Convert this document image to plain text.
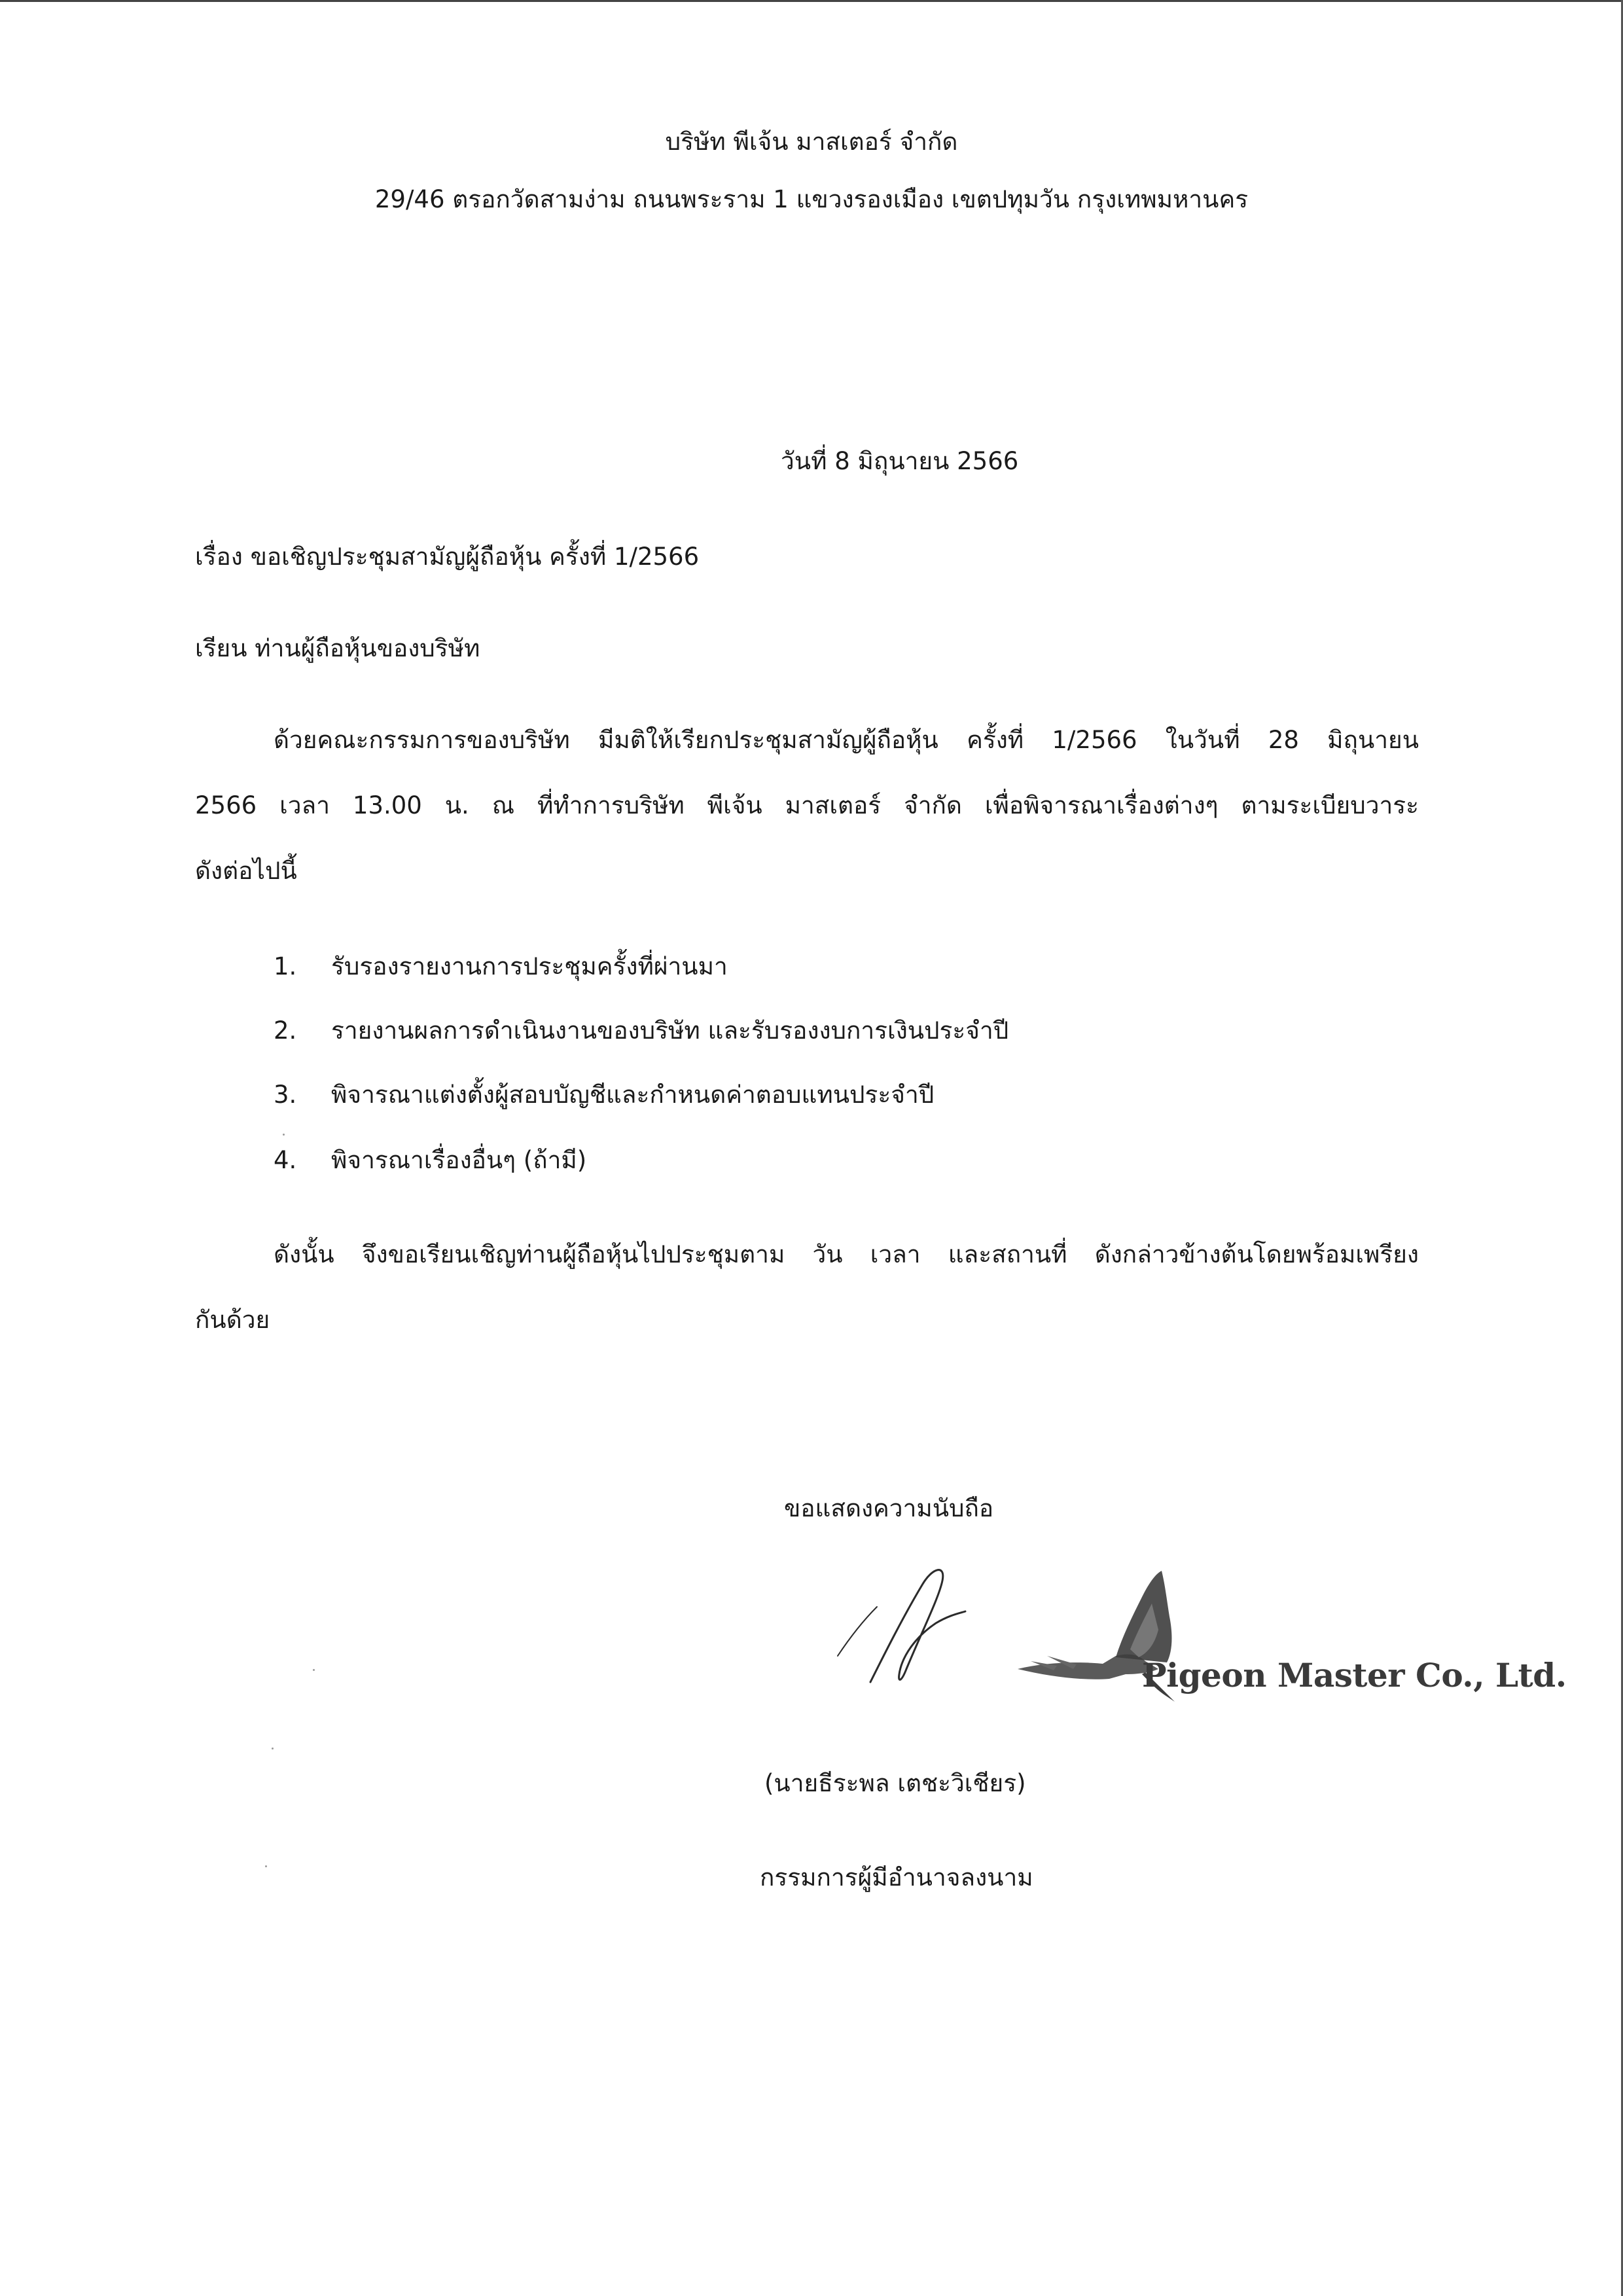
บริษัท พีเจ้น มาสเตอร์ จำกัด
29/46 ตรอกวัดสามง่าม ถนนพระราม 1 แขวงรองเมือง เขตปทุมวัน กรุงเทพมหานคร
วันที่ 8 มิถุนายน 2566
เรื่อง ขอเชิญประชุมสามัญผู้ถือหุ้น ครั้งที่ 1/2566
เรียน ท่านผู้ถือหุ้นของบริษัท
ด้วยคณะกรรมการของบริษัท มีมติให้เรียกประชุมสามัญผู้ถือหุ้น ครั้งที่ 1/2566 ในวันที่ 28 มิถุนายน
2566 เวลา 13.00 น. ณ ที่ทำการบริษัท พีเจ้น มาสเตอร์ จำกัด เพื่อพิจารณาเรื่องต่างๆ ตามระเบียบวาระ
ดังต่อไปนี้
1. รับรองรายงานการประชุมครั้งที่ผ่านมา
2. รายงานผลการดำเนินงานของบริษัท และรับรองงบการเงินประจำปี
3. พิจารณาแต่งตั้งผู้สอบบัญชีและกำหนดค่าตอบแทนประจำปี
4. พิจารณาเรื่องอื่นๆ (ถ้ามี)
ดังนั้น จึงขอเรียนเชิญท่านผู้ถือหุ้นไปประชุมตาม วัน เวลา และสถานที่ ดังกล่าวข้างต้นโดยพร้อมเพรียง
กันด้วย
ขอแสดงความนับถือ
Pigeon Master Co., Ltd.
(นายธีระพล เตชะวิเชียร)
กรรมการผู้มีอำนาจลงนาม
